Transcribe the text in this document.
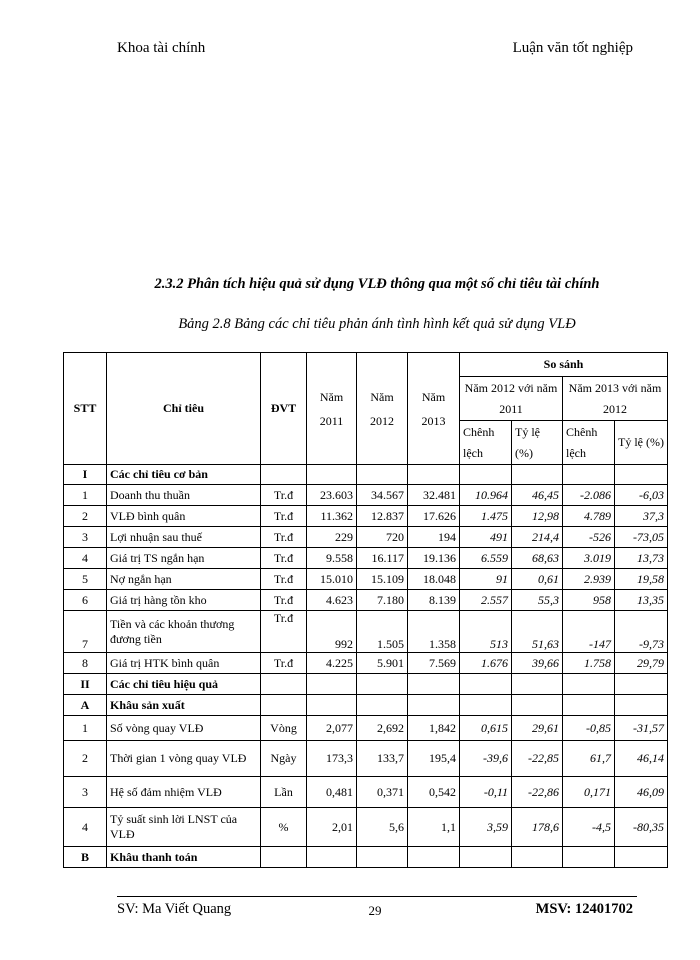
Khoa tài chính	Luận văn tốt nghiệp
2.3.2 Phân tích hiệu quả sử dụng VLĐ thông qua một số chỉ tiêu tài chính
Bảng 2.8 Bảng các chỉ tiêu phản ánh tình hình kết quả sử dụng VLĐ
STT	Chỉ tiêu	ĐVT	Năm 2011	Năm 2012	Năm 2013	So sánh			
						Năm 2012 với năm 2011		Năm 2013 với năm 2012	
						Chênh lệch	Tỷ lệ (%)	Chênh lệch	Tỷ lệ (%)
I	Các chỉ tiêu cơ bản								
1	Doanh thu thuần	Tr.đ	23.603	34.567	32.481	10.964	46,45	-2.086	-6,03
2	VLĐ bình quân	Tr.đ	11.362	12.837	17.626	1.475	12,98	4.789	37,3
3	Lợi nhuận sau thuế	Tr.đ	229	720	194	491	214,4	-526	-73,05
4	Giá trị TS ngắn hạn	Tr.đ	9.558	16.117	19.136	6.559	68,63	3.019	13,73
5	Nợ ngắn hạn	Tr.đ	15.010	15.109	18.048	91	0,61	2.939	19,58
6	Giá trị hàng tồn kho	Tr.đ	4.623	7.180	8.139	2.557	55,3	958	13,35
7	Tiền và các khoản thương đương tiền	Tr.đ	992	1.505	1.358	513	51,63	-147	-9,73
8	Giá trị HTK bình quân	Tr.đ	4.225	5.901	7.569	1.676	39,66	1.758	29,79
II	Các chỉ tiêu hiệu quả								
A	Khâu sản xuất								
1	Số vòng quay VLĐ	Vòng	2,077	2,692	1,842	0,615	29,61	-0,85	-31,57
2	Thời gian 1 vòng quay VLĐ	Ngày	173,3	133,7	195,4	-39,6	-22,85	61,7	46,14
3	Hệ số đảm nhiệm VLĐ	Lần	0,481	0,371	0,542	-0,11	-22,86	0,171	46,09
4	Tỷ suất sinh lời LNST của VLĐ	%	2,01	5,6	1,1	3,59	178,6	-4,5	-80,35
B	Khâu thanh toán								
SV: Ma Viết Quang	29	MSV: 12401702
